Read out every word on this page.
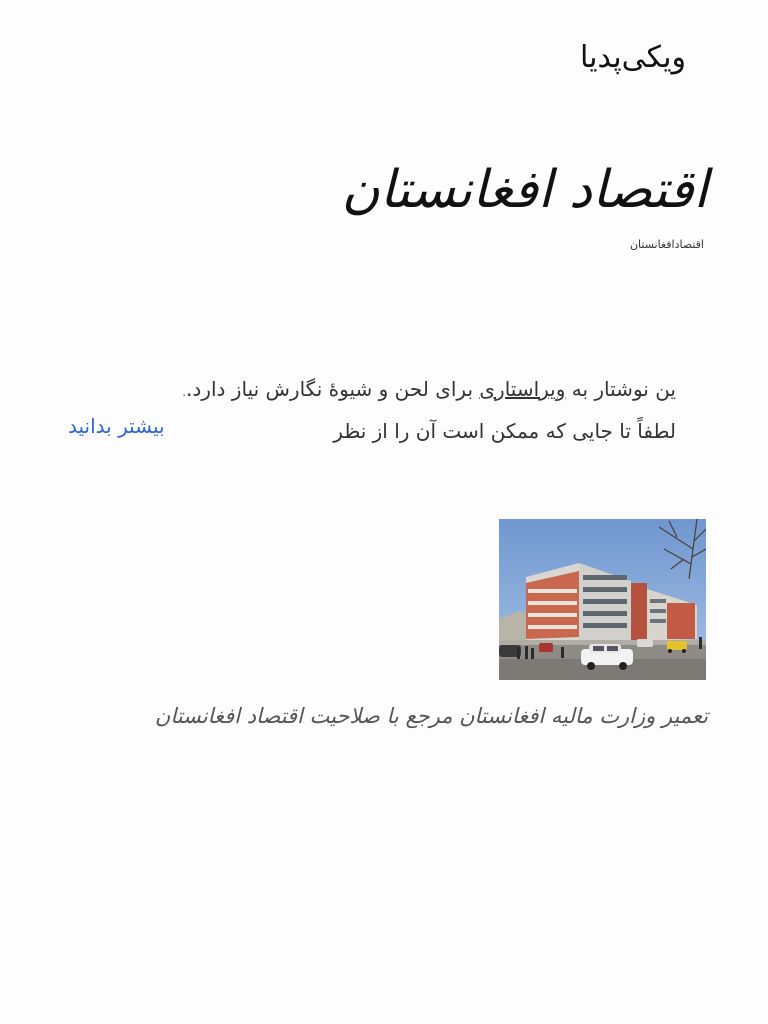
ویکی‌پدیا
اقتصاد افغانستان
اقتصادافغانستان
ین نوشتار به ویراستاری برای لحن و شیوهٔ نگارش نیاز دارد..
لطفاً تا جایی که ممکن است آن را از نظر
بیشتر بدانید
تعمیر وزارت مالیه افغانستان مرجع با صلاحیت اقتصاد افغانستان
